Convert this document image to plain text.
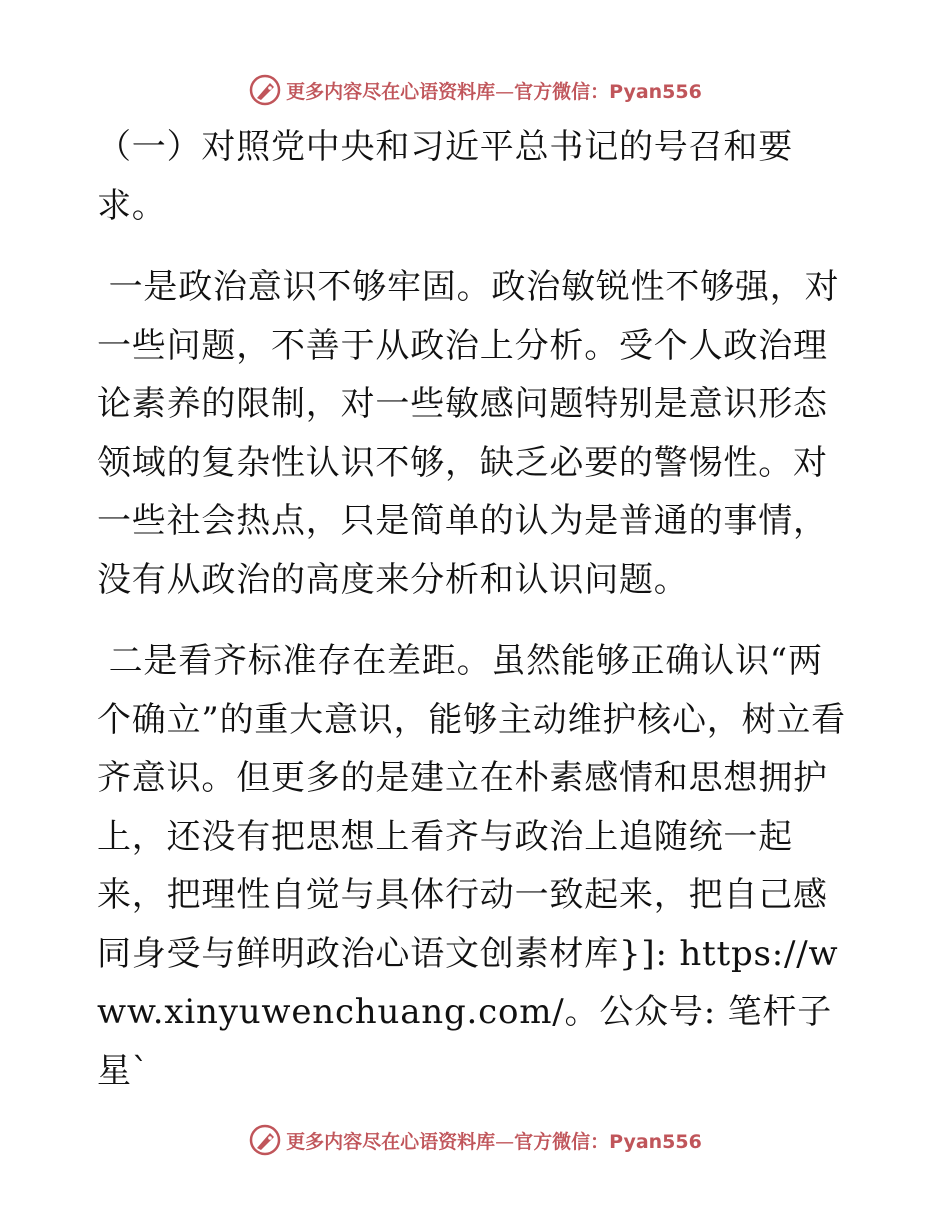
更多内容尽在心语资料库—官方微信：Pyan556

（一）对照党中央和习近平总书记的号召和要求。

一是政治意识不够牢固。政治敏锐性不够强，对一些问题，不善于从政治上分析。受个人政治理论素养的限制，对一些敏感问题特别是意识形态领域的复杂性认识不够，缺乏必要的警惕性。对一些社会热点，只是简单的认为是普通的事情，没有从政治的高度来分析和认识问题。

二是看齐标准存在差距。虽然能够正确认识“两个确立”的重大意识，能够主动维护核心，树立看齐意识。但更多的是建立在朴素感情和思想拥护上，还没有把思想上看齐与政治上追随统一起来，把理性自觉与具体行动一致起来，把自己感同身受与鲜明政治心语文创素材库}]: https://www.xinyuwenchuang.com/。公众号: 笔杆子星`

更多内容尽在心语资料库—官方微信：Pyan556
